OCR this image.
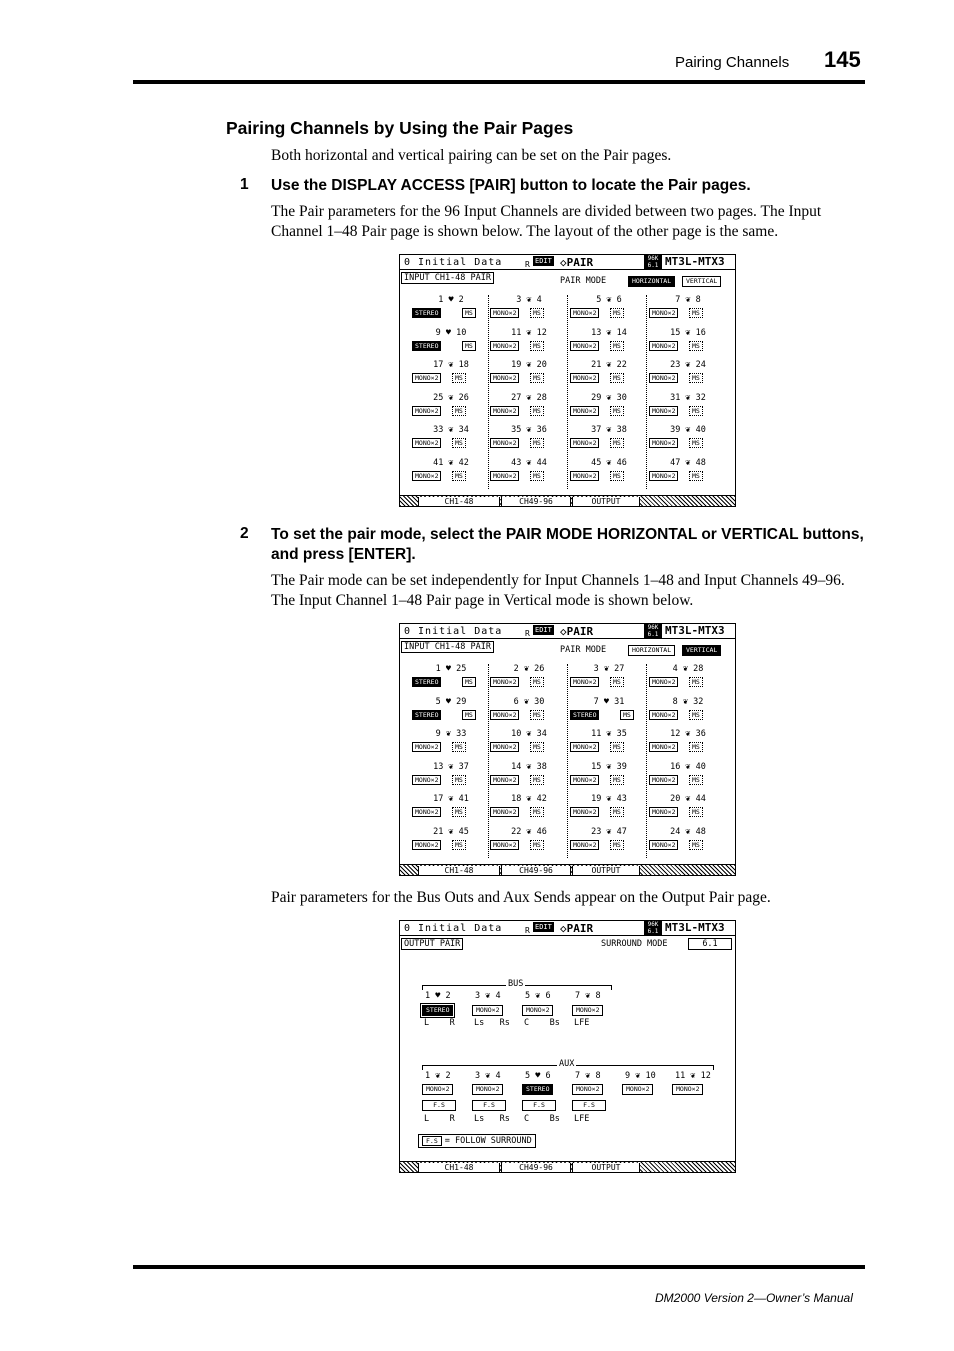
Pairing Channels 145
Pairing Channels by Using the Pair Pages
Both horizontal and vertical pairing can be set on the Pair pages.
1 Use the DISPLAY ACCESS [PAIR] button to locate the Pair pages.
The Pair parameters for the 96 Input Channels are divided between two pages. The Input Channel 1–48 Pair page is shown below. The layout of the other page is the same.
0 Initial Data	R EDIT ◇PAIR	96K
6.1 MT3L-MTX3
INPUT CH1-48 PAIR	PAIR MODE	HORIZONTAL	VERTICAL
1 ♥ 2
STEREO	MS
3 ❦ 4
MONO×2	MS
5 ❦ 6
MONO×2	MS
7 ❦ 8
MONO×2	MS
9 ♥ 10
STEREO	MS
11 ❦ 12
MONO×2	MS
13 ❦ 14
MONO×2	MS
15 ❦ 16
MONO×2	MS
17 ❦ 18
MONO×2	MS
19 ❦ 20
MONO×2	MS
21 ❦ 22
MONO×2	MS
23 ❦ 24
MONO×2	MS
25 ❦ 26
MONO×2	MS
27 ❦ 28
MONO×2	MS
29 ❦ 30
MONO×2	MS
31 ❦ 32
MONO×2	MS
33 ❦ 34
MONO×2	MS
35 ❦ 36
MONO×2	MS
37 ❦ 38
MONO×2	MS
39 ❦ 40
MONO×2	MS
41 ❦ 42
MONO×2	MS
43 ❦ 44
MONO×2	MS
45 ❦ 46
MONO×2	MS
47 ❦ 48
MONO×2	MS
CH1-48	CH49-96	OUTPUT
2 To set the pair mode, select the PAIR MODE HORIZONTAL or VERTICAL buttons, and press [ENTER].
The Pair mode can be set independently for Input Channels 1–48 and Input Channels 49–96. The Input Channel 1–48 Pair page in Vertical mode is shown below.
0 Initial Data	R EDIT ◇PAIR	96K
6.1 MT3L-MTX3
INPUT CH1-48 PAIR	PAIR MODE	HORIZONTAL	VERTICAL
1 ♥ 25
STEREO	MS
2 ❦ 26
MONO×2	MS
3 ❦ 27
MONO×2	MS
4 ❦ 28
MONO×2	MS
5 ♥ 29
STEREO	MS
6 ❦ 30
MONO×2	MS
7 ♥ 31
STEREO	MS
8 ❦ 32
MONO×2	MS
9 ❦ 33
MONO×2	MS
10 ❦ 34
MONO×2	MS
11 ❦ 35
MONO×2	MS
12 ❦ 36
MONO×2	MS
13 ❦ 37
MONO×2	MS
14 ❦ 38
MONO×2	MS
15 ❦ 39
MONO×2	MS
16 ❦ 40
MONO×2	MS
17 ❦ 41
MONO×2	MS
18 ❦ 42
MONO×2	MS
19 ❦ 43
MONO×2	MS
20 ❦ 44
MONO×2	MS
21 ❦ 45
MONO×2	MS
22 ❦ 46
MONO×2	MS
23 ❦ 47
MONO×2	MS
24 ❦ 48
MONO×2	MS
CH1-48	CH49-96	OUTPUT
Pair parameters for the Bus Outs and Aux Sends appear on the Output Pair page.
0 Initial Data	R EDIT ◇PAIR	96K
6.1 MT3L-MTX3
OUTPUT PAIR	SURROUND MODE	6.1
BUS
1 ♥ 2
STEREO
3 ❦ 4
MONO×2
5 ❦ 6
MONO×2
7 ❦ 8
MONO×2
L    R Ls   Rs C    Bs LFE
AUX
1 ❦ 2
MONO×2
F.S
3 ❦ 4
MONO×2
F.S
5 ♥ 6
STEREO
F.S
7 ❦ 8
MONO×2
F.S
9 ❦ 10
MONO×2
11 ❦ 12
MONO×2
L    R Ls   Rs C    Bs LFE
F.S = FOLLOW SURROUND
CH1-48	CH49-96	OUTPUT
DM2000 Version 2—Owner’s Manual
